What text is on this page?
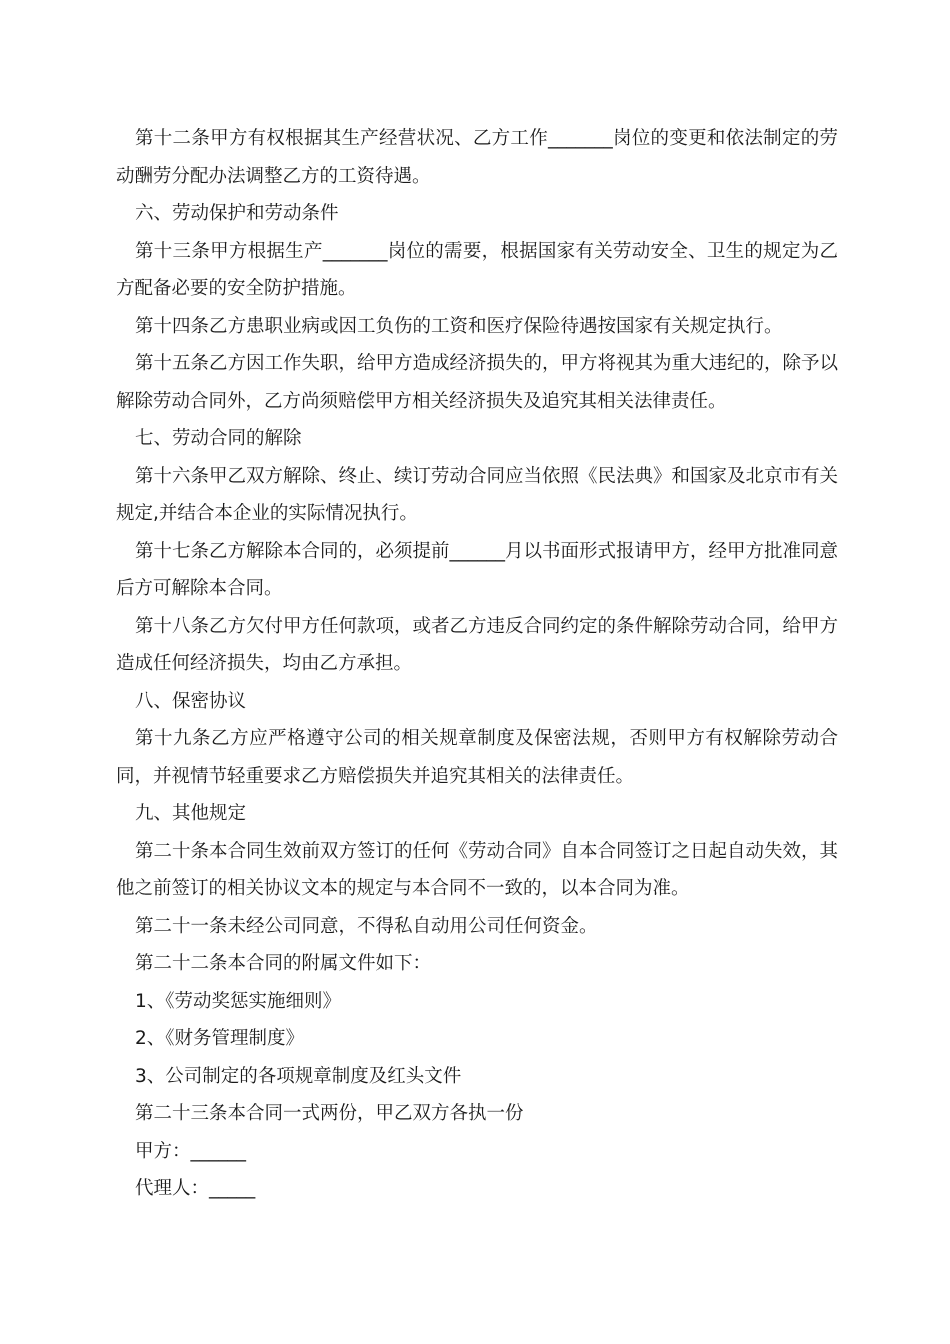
第十二条甲方有权根据其生产经营状况、乙方工作_______岗位的变更和依法制定的劳动酬劳分配办法调整乙方的工资待遇。

六、劳动保护和劳动条件

第十三条甲方根据生产_______岗位的需要，根据国家有关劳动安全、卫生的规定为乙方配备必要的安全防护措施。

第十四条乙方患职业病或因工负伤的工资和医疗保险待遇按国家有关规定执行。

第十五条乙方因工作失职，给甲方造成经济损失的，甲方将视其为重大违纪的，除予以解除劳动合同外，乙方尚须赔偿甲方相关经济损失及追究其相关法律责任。

七、劳动合同的解除

第十六条甲乙双方解除、终止、续订劳动合同应当依照《民法典》和国家及北京市有关规定,并结合本企业的实际情况执行。

第十七条乙方解除本合同的，必须提前______月以书面形式报请甲方，经甲方批准同意后方可解除本合同。

第十八条乙方欠付甲方任何款项，或者乙方违反合同约定的条件解除劳动合同，给甲方造成任何经济损失，均由乙方承担。

八、保密协议

第十九条乙方应严格遵守公司的相关规章制度及保密法规，否则甲方有权解除劳动合同，并视情节轻重要求乙方赔偿损失并追究其相关的法律责任。

九、其他规定

第二十条本合同生效前双方签订的任何《劳动合同》自本合同签订之日起自动失效，其他之前签订的相关协议文本的规定与本合同不一致的，以本合同为准。

第二十一条未经公司同意，不得私自动用公司任何资金。

第二十二条本合同的附属文件如下：

1、《劳动奖惩实施细则》

2、《财务管理制度》

3、公司制定的各项规章制度及红头文件

第二十三条本合同一式两份，甲乙双方各执一份

甲方：______

代理人：_____
